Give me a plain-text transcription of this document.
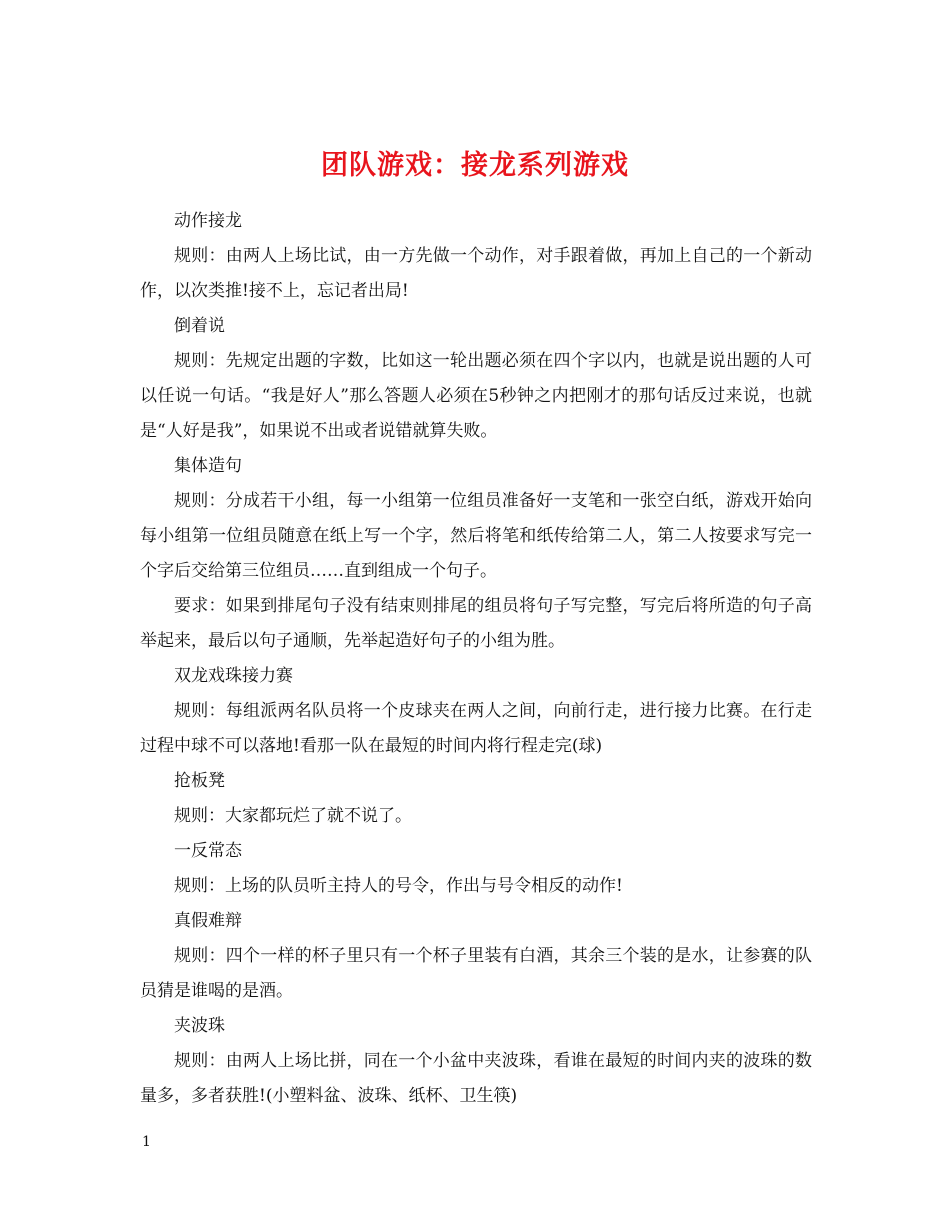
团队游戏：接龙系列游戏

动作接龙

规则：由两人上场比试，由一方先做一个动作，对手跟着做，再加上自己的一个新动作，以次类推!接不上，忘记者出局!

倒着说

规则：先规定出题的字数，比如这一轮出题必须在四个字以内，也就是说出题的人可以任说一句话。“我是好人”那么答题人必须在5秒钟之内把刚才的那句话反过来说，也就是“人好是我”，如果说不出或者说错就算失败。

集体造句

规则：分成若干小组，每一小组第一位组员准备好一支笔和一张空白纸，游戏开始向每小组第一位组员随意在纸上写一个字，然后将笔和纸传给第二人，第二人按要求写完一个字后交给第三位组员……直到组成一个句子。

要求：如果到排尾句子没有结束则排尾的组员将句子写完整，写完后将所造的句子高举起来，最后以句子通顺，先举起造好句子的小组为胜。

双龙戏珠接力赛

规则：每组派两名队员将一个皮球夹在两人之间，向前行走，进行接力比赛。在行走过程中球不可以落地!看那一队在最短的时间内将行程走完(球)

抢板凳

规则：大家都玩烂了就不说了。

一反常态

规则：上场的队员听主持人的号令，作出与号令相反的动作!

真假难辩

规则：四个一样的杯子里只有一个杯子里装有白酒，其余三个装的是水，让参赛的队员猜是谁喝的是酒。

夹波珠

规则：由两人上场比拼，同在一个小盆中夹波珠，看谁在最短的时间内夹的波珠的数量多，多者获胜!(小塑料盆、波珠、纸杯、卫生筷)

1
